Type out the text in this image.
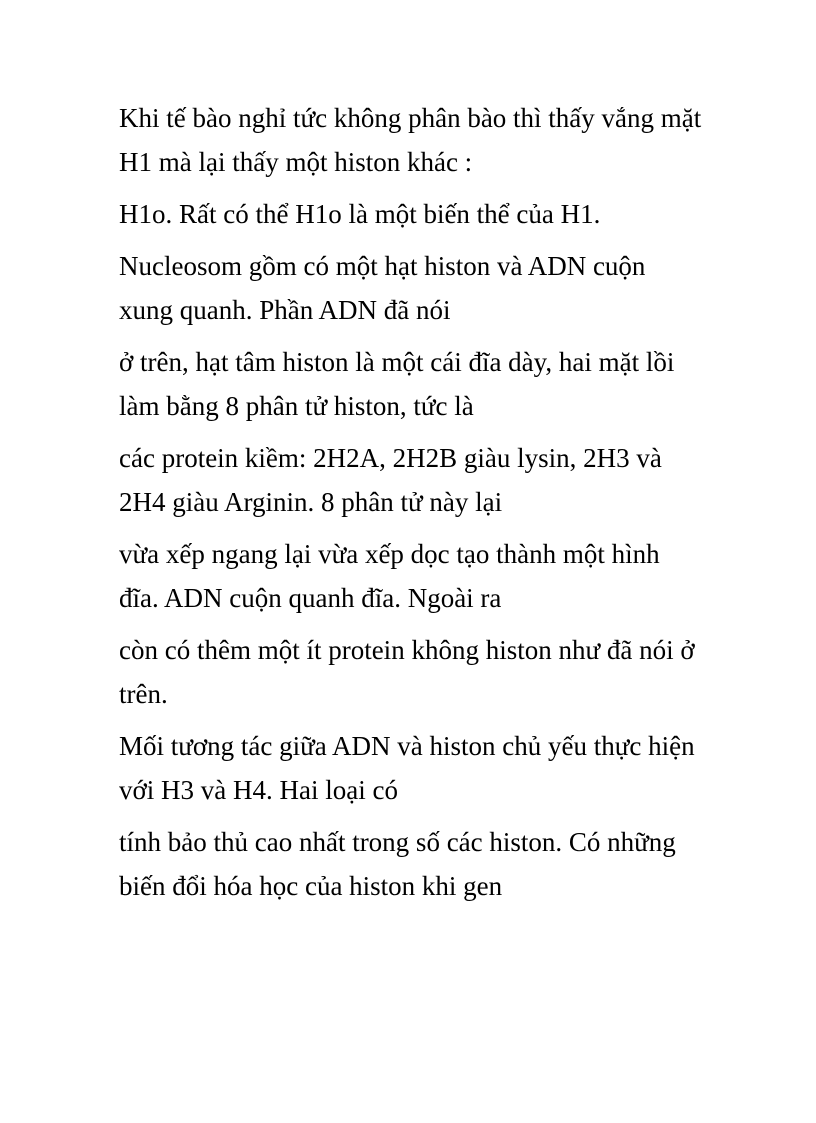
Khi tế bào nghỉ tức không phân bào thì thấy vắng mặt
H1 mà lại thấy một histon khác :
H1o. Rất có thể H1o là một biến thể của H1.
Nucleosom gồm có một hạt histon và ADN cuộn
xung quanh. Phần ADN đã nói
ở trên, hạt tâm histon là một cái đĩa dày, hai mặt lồi
làm bằng 8 phân tử histon, tức là
các protein kiềm: 2H2A, 2H2B giàu lysin, 2H3 và
2H4 giàu Arginin. 8 phân tử này lại
vừa xếp ngang lại vừa xếp dọc tạo thành một hình
đĩa. ADN cuộn quanh đĩa. Ngoài ra
còn có thêm một ít protein không histon như đã nói ở
trên.
Mối tương tác giữa ADN và histon chủ yếu thực hiện
với H3 và H4. Hai loại có
tính bảo thủ cao nhất trong số các histon. Có những
biến đổi hóa học của histon khi gen
